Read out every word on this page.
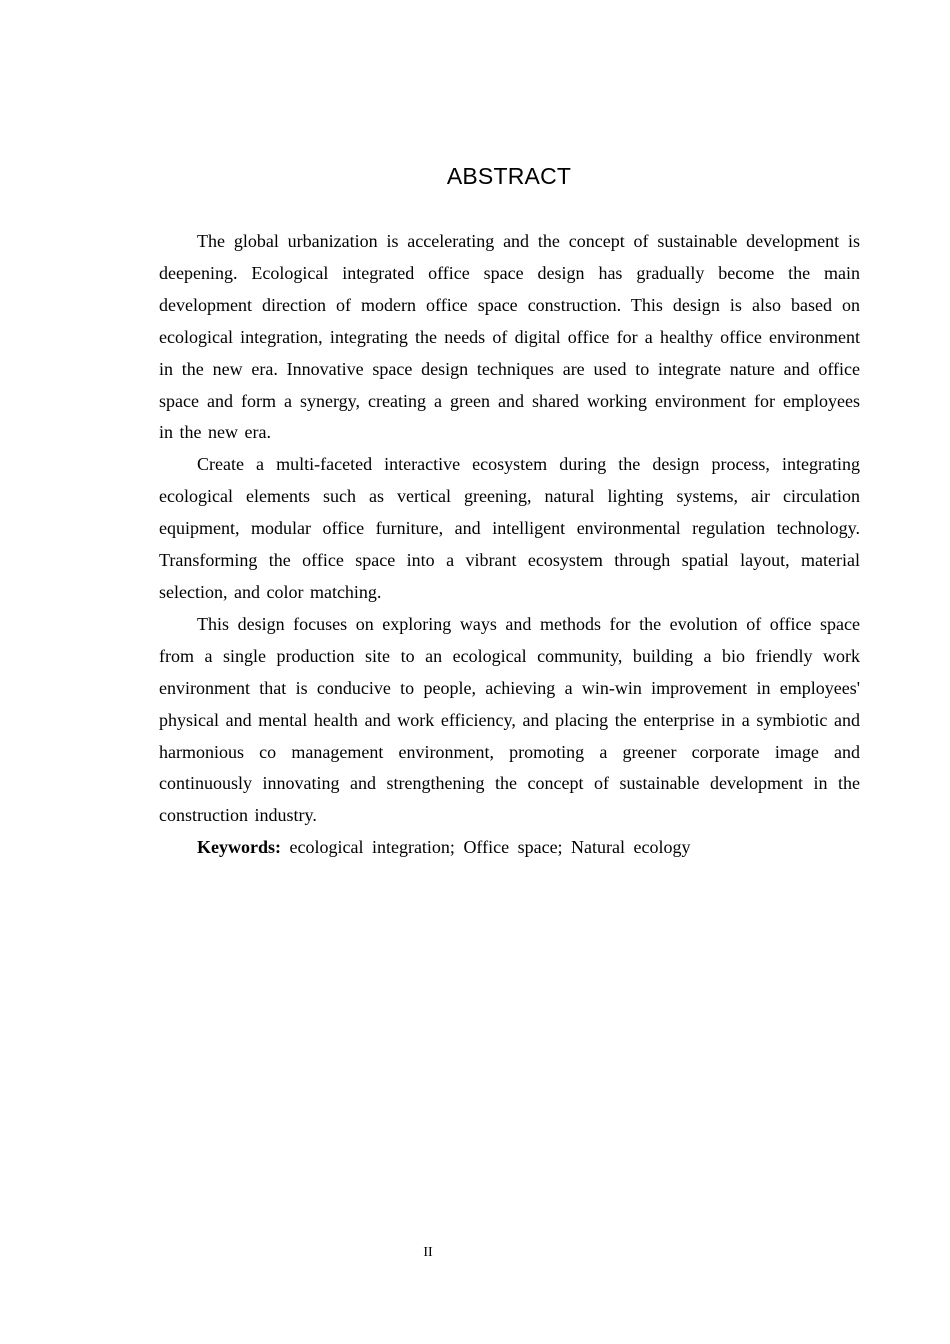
ABSTRACT

The global urbanization is accelerating and the concept of sustainable development is deepening. Ecological integrated office space design has gradually become the main development direction of modern office space construction. This design is also based on ecological integration, integrating the needs of digital office for a healthy office environment in the new era. Innovative space design techniques are used to integrate nature and office space and form a synergy, creating a green and shared working environment for employees in the new era.

Create a multi-faceted interactive ecosystem during the design process, integrating ecological elements such as vertical greening, natural lighting systems, air circulation equipment, modular office furniture, and intelligent environmental regulation technology. Transforming the office space into a vibrant ecosystem through spatial layout, material selection, and color matching.

This design focuses on exploring ways and methods for the evolution of office space from a single production site to an ecological community, building a bio friendly work environment that is conducive to people, achieving a win-win improvement in employees' physical and mental health and work efficiency, and placing the enterprise in a symbiotic and harmonious co management environment, promoting a greener corporate image and continuously innovating and strengthening the concept of sustainable development in the construction industry.

Keywords: ecological integration; Office space; Natural ecology

II
